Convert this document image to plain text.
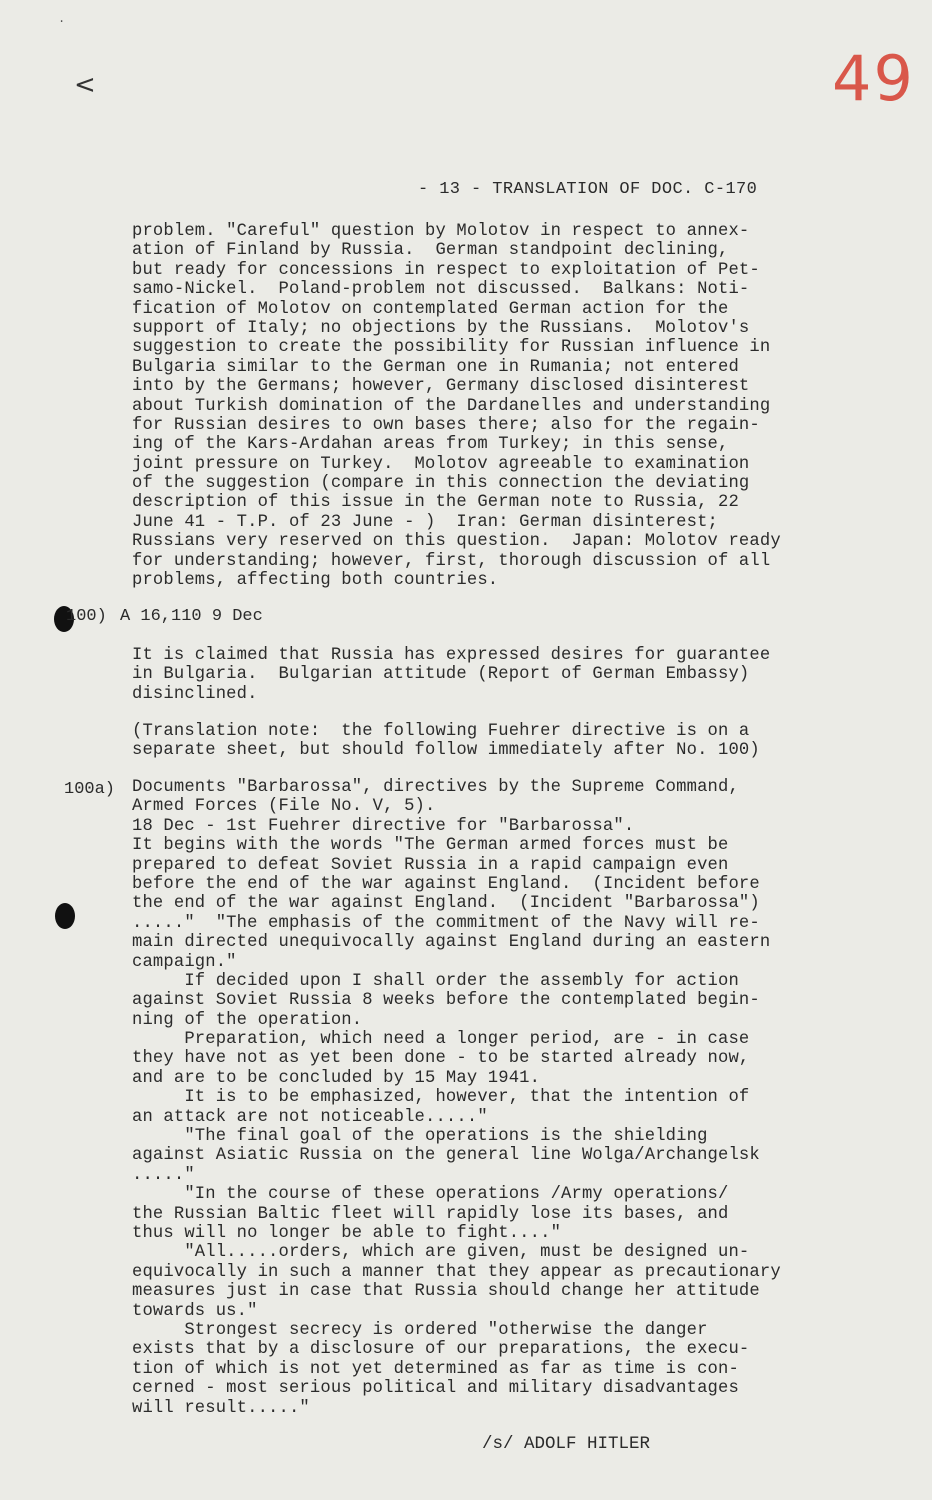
.
<	49
- 13 - TRANSLATION OF DOC. C-170
problem. "Careful" question by Molotov in respect to annex-
ation of Finland by Russia.  German standpoint declining,
but ready for concessions in respect to exploitation of Pet-
samo-Nickel.  Poland-problem not discussed.  Balkans: Noti-
fication of Molotov on contemplated German action for the
support of Italy; no objections by the Russians.  Molotov's
suggestion to create the possibility for Russian influence in
Bulgaria similar to the German one in Rumania; not entered
into by the Germans; however, Germany disclosed disinterest
about Turkish domination of the Dardanelles and understanding
for Russian desires to own bases there; also for the regain-
ing of the Kars-Ardahan areas from Turkey; in this sense,
joint pressure on Turkey.  Molotov agreeable to examination
of the suggestion (compare in this connection the deviating
description of this issue in the German note to Russia, 22
June 41 - T.P. of 23 June - )  Iran: German disinterest;
Russians very reserved on this question.  Japan: Molotov ready
for understanding; however, first, thorough discussion of all
problems, affecting both countries.
100) A 16,110 9 Dec
It is claimed that Russia has expressed desires for guarantee
in Bulgaria.  Bulgarian attitude (Report of German Embassy)
disinclined.
(Translation note:  the following Fuehrer directive is on a
separate sheet, but should follow immediately after No. 100)
100a) Documents "Barbarossa", directives by the Supreme Command,
Armed Forces (File No. V, 5).
18 Dec - 1st Fuehrer directive for "Barbarossa".
It begins with the words "The German armed forces must be
prepared to defeat Soviet Russia in a rapid campaign even
before the end of the war against England.  (Incident before
the end of the war against England.  (Incident "Barbarossa")
....."  "The emphasis of the commitment of the Navy will re-
main directed unequivocally against England during an eastern
campaign."
If decided upon I shall order the assembly for action
against Soviet Russia 8 weeks before the contemplated begin-
ning of the operation.
Preparation, which need a longer period, are - in case
they have not as yet been done - to be started already now,
and are to be concluded by 15 May 1941.
It is to be emphasized, however, that the intention of
an attack are not noticeable....."
"The final goal of the operations is the shielding
against Asiatic Russia on the general line Wolga/Archangelsk
....."
"In the course of these operations /Army operations/
the Russian Baltic fleet will rapidly lose its bases, and
thus will no longer be able to fight...."
"All.....orders, which are given, must be designed un-
equivocally in such a manner that they appear as precautionary
measures just in case that Russia should change her attitude
towards us."
Strongest secrecy is ordered "otherwise the danger
exists that by a disclosure of our preparations, the execu-
tion of which is not yet determined as far as time is con-
cerned - most serious political and military disadvantages
will result....."
/s/ ADOLF HITLER
